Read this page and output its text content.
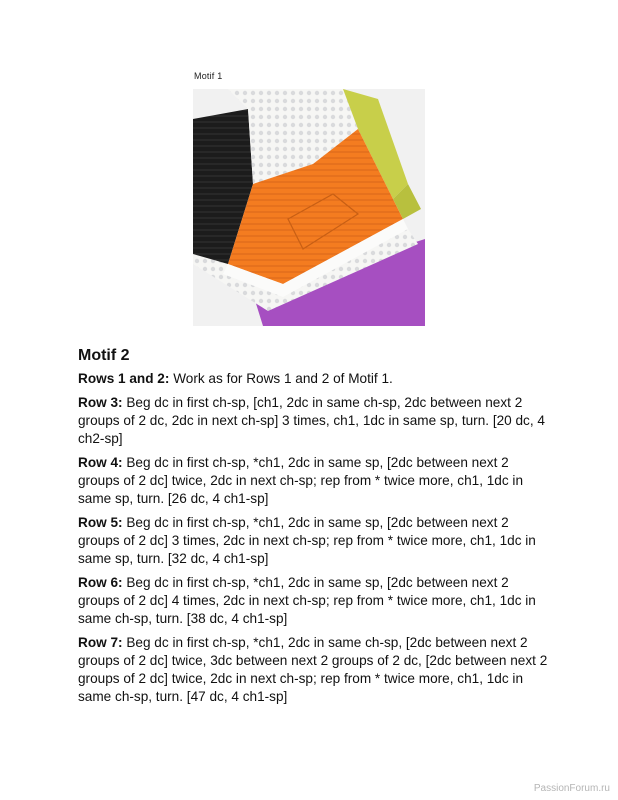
Motif 1
Motif 2

Rows 1 and 2: Work as for Rows 1 and 2 of Motif 1.

Row 3: Beg dc in first ch-sp, [ch1, 2dc in same ch-sp, 2dc between next 2 groups of 2 dc, 2dc in next ch-sp] 3 times, ch1, 1dc in same sp, turn. [20 dc, 4 ch2-sp]

Row 4: Beg dc in first ch-sp, *ch1, 2dc in same sp, [2dc between next 2 groups of 2 dc] twice, 2dc in next ch-sp; rep from * twice more, ch1, 1dc in same sp, turn. [26 dc, 4 ch1-sp]

Row 5: Beg dc in first ch-sp, *ch1, 2dc in same sp, [2dc between next 2 groups of 2 dc] 3 times, 2dc in next ch-sp; rep from * twice more, ch1, 1dc in same sp, turn. [32 dc, 4 ch1-sp]

Row 6: Beg dc in first ch-sp, *ch1, 2dc in same sp, [2dc between next 2 groups of 2 dc] 4 times, 2dc in next ch-sp; rep from * twice more, ch1, 1dc in same ch-sp, turn. [38 dc, 4 ch1-sp]

Row 7: Beg dc in first ch-sp, *ch1, 2dc in same ch-sp, [2dc between next 2 groups of 2 dc] twice, 3dc between next 2 groups of 2 dc, [2dc between next 2 groups of 2 dc] twice, 2dc in next ch-sp; rep from * twice more, ch1, 1dc in same ch-sp, turn. [47 dc, 4 ch1-sp]

PassionForum.ru
